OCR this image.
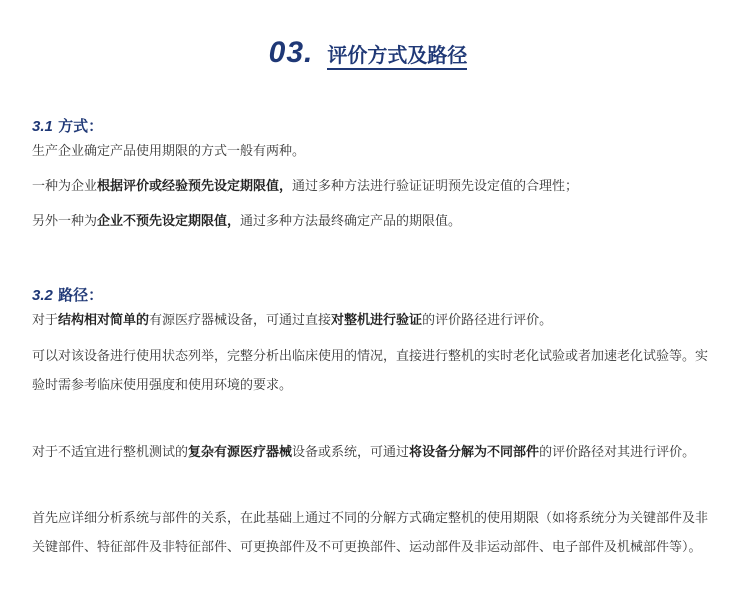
03. 评价方式及路径
3.1 方式：
生产企业确定产品使用期限的方式一般有两种。
一种为企业根据评价或经验预先设定期限值，通过多种方法进行验证证明预先设定值的合理性；
另外一种为企业不预先设定期限值，通过多种方法最终确定产品的期限值。
3.2 路径：
对于结构相对简单的有源医疗器械设备，可通过直接对整机进行验证的评价路径进行评价。
可以对该设备进行使用状态列举，完整分析出临床使用的情况，直接进行整机的实时老化试验或者加速老化试验等。实验时需参考临床使用强度和使用环境的要求。
对于不适宜进行整机测试的复杂有源医疗器械设备或系统，可通过将设备分解为不同部件的评价路径对其进行评价。
首先应详细分析系统与部件的关系，在此基础上通过不同的分解方式确定整机的使用期限（如将系统分为关键部件及非关键部件、特征部件及非特征部件、可更换部件及不可更换部件、运动部件及非运动部件、电子部件及机械部件等）。
